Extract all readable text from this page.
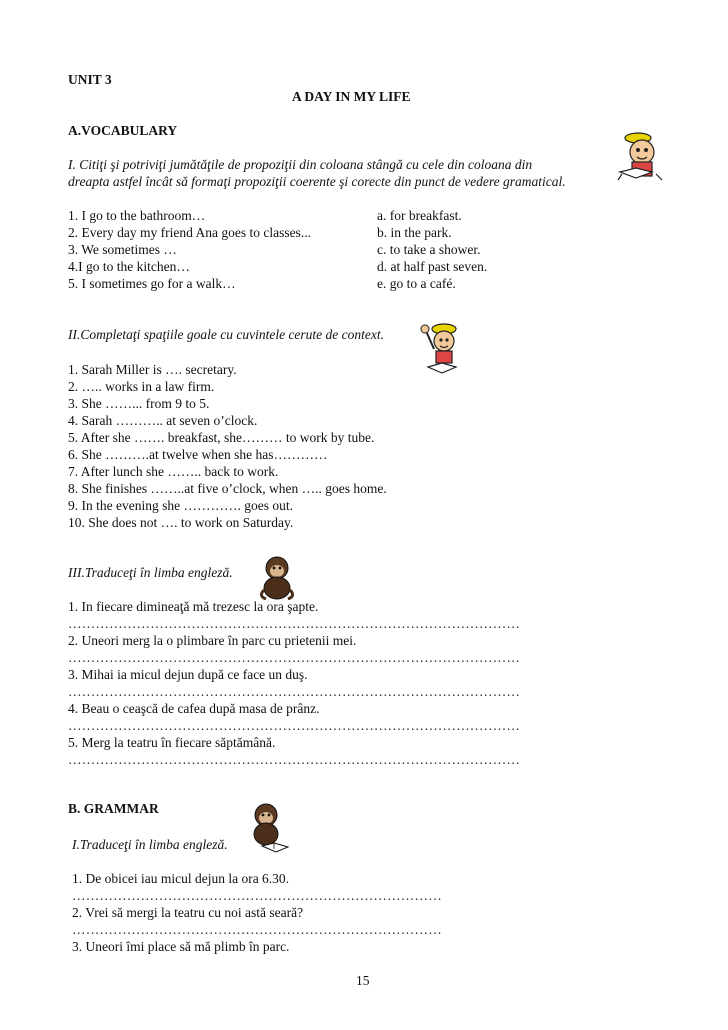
UNIT 3
A DAY IN MY LIFE
A.VOCABULARY
I. Citiţi şi potriviţi jumătăţile de propoziţii din coloana stângă cu cele din coloana din
dreapta astfel încât să formaţi propoziţii coerente şi corecte din punct de vedere gramatical.
1. I go to the bathroom…
2. Every day my friend Ana goes to classes...
3. We sometimes …
4.I go to the kitchen…
5. I sometimes go for a walk…
a. for breakfast.
b. in the park.
c. to take a shower.
d. at half past seven.
e. go to a café.
II.Completaţi spaţiile goale cu cuvintele cerute de context.
1. Sarah Miller is …. secretary.
2. ….. works in a law firm.
3. She ……... from 9 to 5.
4. Sarah ……….. at seven o’clock.
5. After she ……. breakfast, she……… to work by tube.
6. She ……….at twelve when she has…………
7. After lunch she …….. back to work.
8. She finishes ……..at five o’clock, when ….. goes home.
9. In the evening she …………. goes out.
10. She does not …. to work on Saturday.
III.Traduceţi în limba engleză.
1. In fiecare dimineaţă mă trezesc la ora şapte.
………………………………………………………………………………………
2. Uneori merg la o plimbare în parc cu prietenii mei.
………………………………………………………………………………………
3. Mihai ia micul dejun după ce face un duş.
………………………………………………………………………………………
4. Beau o ceaşcă de cafea după masa de prânz.
………………………………………………………………………………………
5. Merg la teatru în fiecare săptămână.
………………………………………………………………………………………
B. GRAMMAR
I.Traduceţi în limba engleză.
1. De obicei iau micul dejun la ora 6.30.
………………………………………………………………………
2. Vrei să mergi la teatru cu noi astă seară?
………………………………………………………………………
3. Uneori îmi place să mă plimb în parc.
15
